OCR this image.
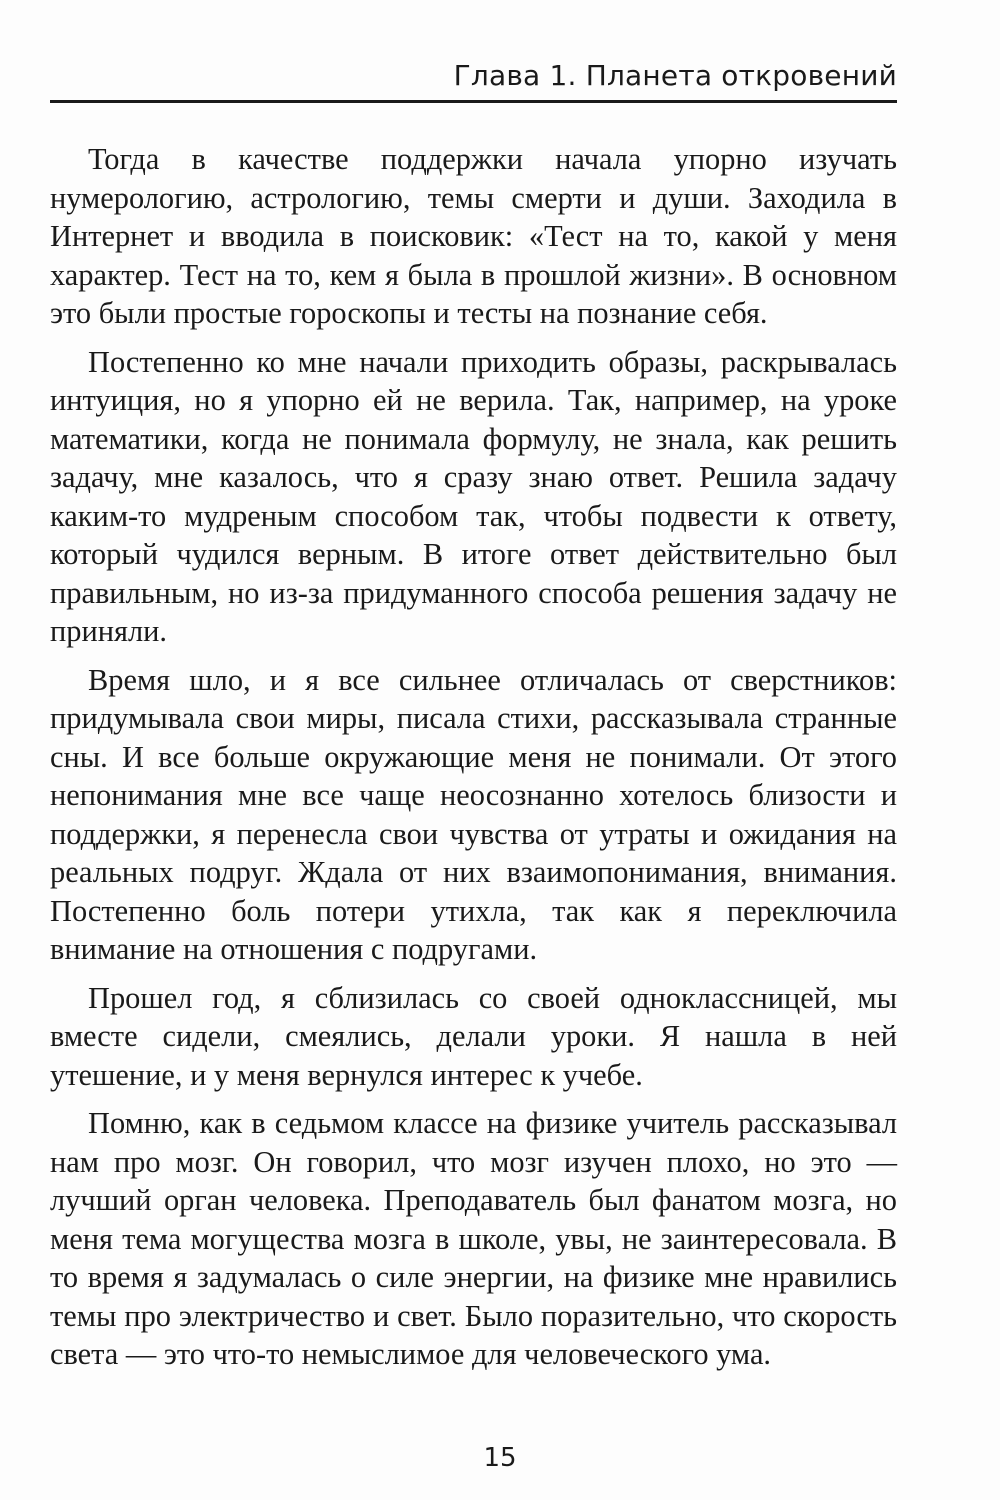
Глава 1. Планета откровений

Тогда в качестве поддержки начала упорно изучать нумерологию, астрологию, темы смерти и души. Заходила в Интернет и вводила в поисковик: «Тест на то, какой у меня характер. Тест на то, кем я была в прошлой жизни». В основном это были простые гороскопы и тесты на познание себя.

Постепенно ко мне начали приходить образы, раскрывалась интуиция, но я упорно ей не верила. Так, например, на уроке математики, когда не понимала формулу, не знала, как решить задачу, мне казалось, что я сразу знаю ответ. Решила задачу каким-то мудреным способом так, чтобы подвести к ответу, который чудился верным. В итоге ответ действительно был правильным, но из-за придуманного способа решения задачу не приняли.

Время шло, и я все сильнее отличалась от сверстников: придумывала свои миры, писала стихи, рассказывала странные сны. И все больше окружающие меня не понимали. От этого непонимания мне все чаще неосознанно хотелось близости и поддержки, я перенесла свои чувства от утраты и ожидания на реальных подруг. Ждала от них взаимопонимания, внимания. Постепенно боль потери утихла, так как я переключила внимание на отношения с подругами.

Прошел год, я сблизилась со своей одноклассницей, мы вместе сидели, смеялись, делали уроки. Я нашла в ней утешение, и у меня вернулся интерес к учебе.

Помню, как в седьмом классе на физике учитель рассказывал нам про мозг. Он говорил, что мозг изучен плохо, но это — лучший орган человека. Преподаватель был фанатом мозга, но меня тема могущества мозга в школе, увы, не заинтересовала. В то время я задумалась о силе энергии, на физике мне нравились темы про электричество и свет. Было поразительно, что скорость света — это что-то немыслимое для человеческого ума.

15
